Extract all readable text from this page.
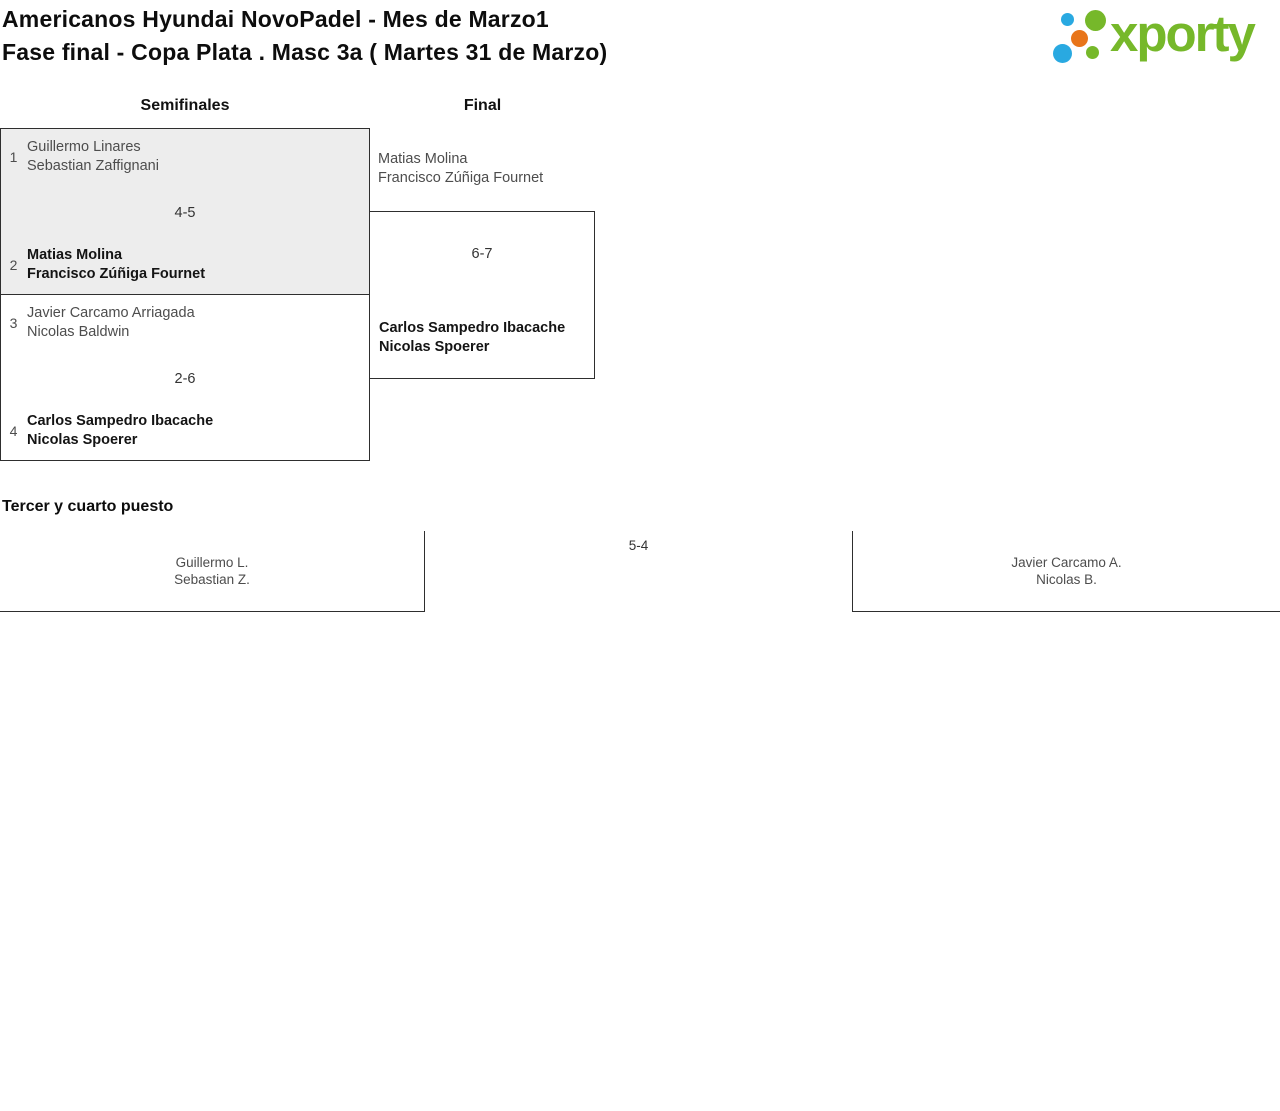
Americanos Hyundai NovoPadel - Mes de Marzo1
Fase final - Copa Plata . Masc 3a ( Martes 31 de Marzo)	xporty
Semifinales	Final
1
Guillermo Linares
Sebastian Zaffignani
4-5
2
Matias Molina
Francisco Zúñiga Fournet
3
Javier Carcamo Arriagada
Nicolas Baldwin
2-6
4
Carlos Sampedro Ibacache
Nicolas Spoerer
Matias Molina
Francisco Zúñiga Fournet
6-7
Carlos Sampedro Ibacache
Nicolas Spoerer
Tercer y cuarto puesto
Guillermo L.
Sebastian Z.
5-4
Javier Carcamo A.
Nicolas B.
